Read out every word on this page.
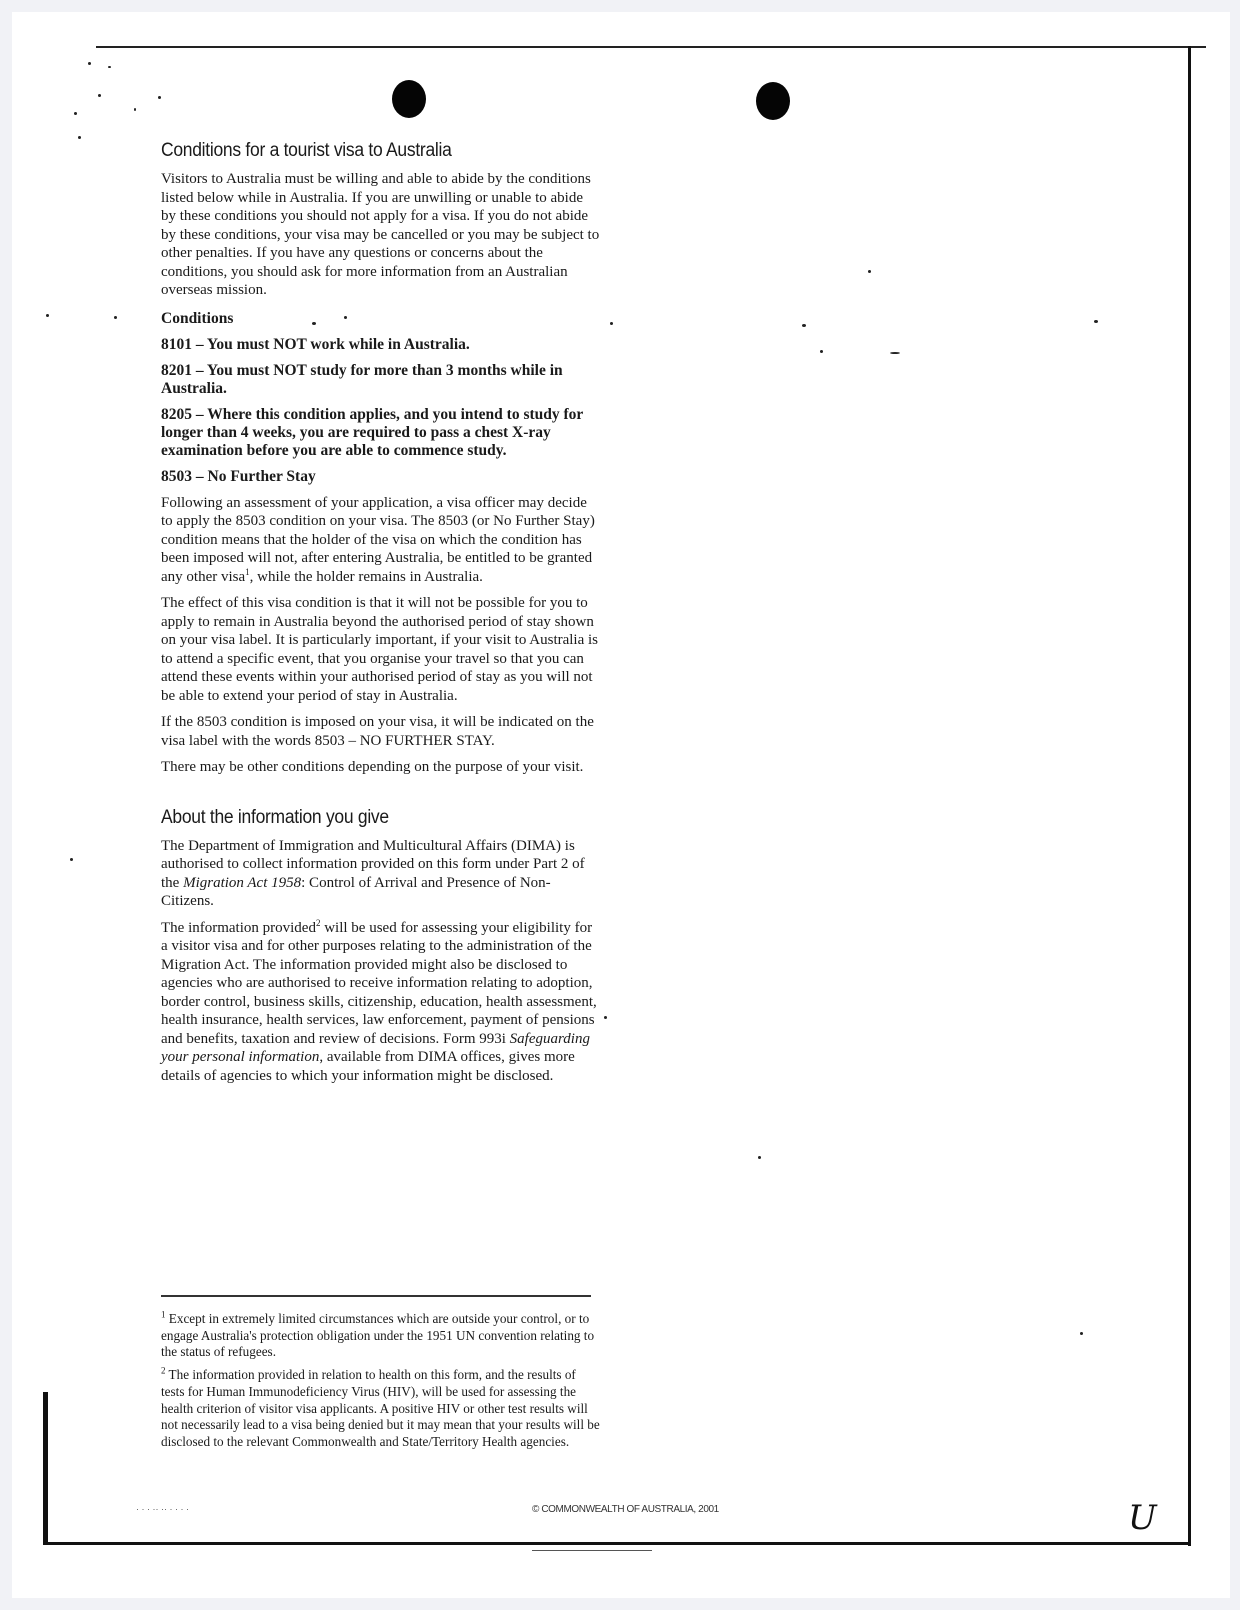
Conditions for a tourist visa to Australia

Visitors to Australia must be willing and able to abide by the conditions listed below while in Australia. If you are unwilling or unable to abide by these conditions you should not apply for a visa. If you do not abide by these conditions, your visa may be cancelled or you may be subject to other penalties. If you have any questions or concerns about the conditions, you should ask for more information from an Australian overseas mission.

Conditions
8101 – You must NOT work while in Australia.
8201 – You must NOT study for more than 3 months while in Australia.
8205 – Where this condition applies, and you intend to study for longer than 4 weeks, you are required to pass a chest X-ray examination before you are able to commence study.
8503 – No Further Stay

Following an assessment of your application, a visa officer may decide to apply the 8503 condition on your visa. The 8503 (or No Further Stay) condition means that the holder of the visa on which the condition has been imposed will not, after entering Australia, be entitled to be granted any other visa$^1$, while the holder remains in Australia.

The effect of this visa condition is that it will not be possible for you to apply to remain in Australia beyond the authorised period of stay shown on your visa label. It is particularly important, if your visit to Australia is to attend a specific event, that you organise your travel so that you can attend these events within your authorised period of stay as you will not be able to extend your period of stay in Australia.

If the 8503 condition is imposed on your visa, it will be indicated on the visa label with the words 8503 – NO FURTHER STAY.

There may be other conditions depending on the purpose of your visit.

About the information you give

The Department of Immigration and Multicultural Affairs (DIMA) is authorised to collect information provided on this form under Part 2 of the Migration Act 1958: Control of Arrival and Presence of Non-Citizens.

The information provided$^2$ will be used for assessing your eligibility for a visitor visa and for other purposes relating to the administration of the Migration Act. The information provided might also be disclosed to agencies who are authorised to receive information relating to adoption, border control, business skills, citizenship, education, health assessment, health insurance, health services, law enforcement, payment of pensions and benefits, taxation and review of decisions. Form 993i Safeguarding your personal information, available from DIMA offices, gives more details of agencies to which your information might be disclosed.

$^1$ Except in extremely limited circumstances which are outside your control, or to engage Australia's protection obligation under the 1951 UN convention relating to the status of refugees.

$^2$ The information provided in relation to health on this form, and the results of tests for Human Immunodeficiency Virus (HIV), will be used for assessing the health criterion of visitor visa applicants. A positive HIV or other test results will not necessarily lead to a visa being denied but it may mean that your results will be disclosed to the relevant Commonwealth and State/Territory Health agencies.

· · · ·· ·· · · · ·	© COMMONWEALTH OF AUSTRALIA, 2001	U
